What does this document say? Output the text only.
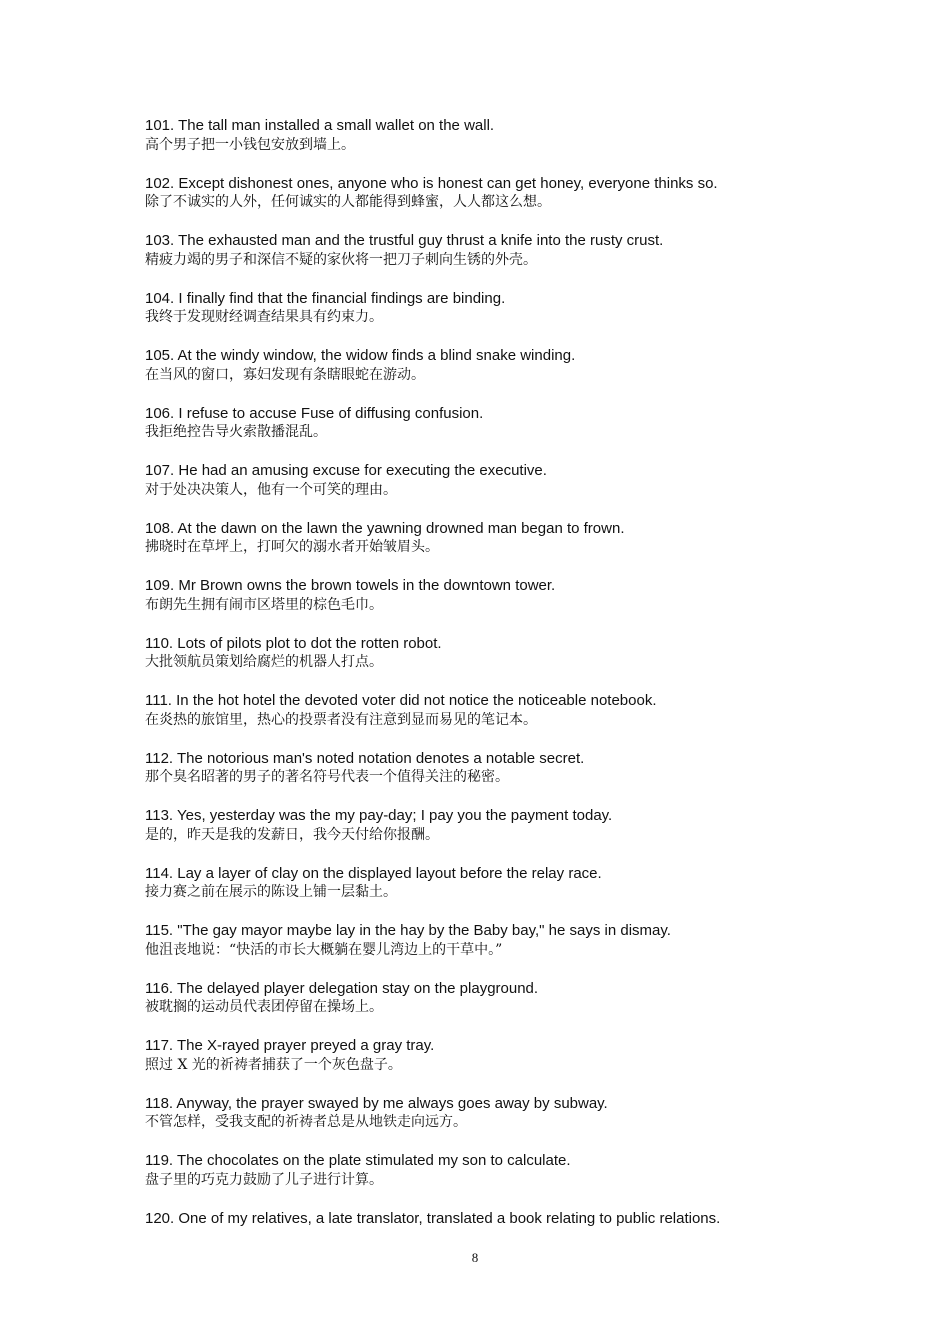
101. The tall man installed a small wallet on the wall.
高个男子把一小钱包安放到墙上。
102. Except dishonest ones, anyone who is honest can get honey, everyone thinks so.
除了不诚实的人外，任何诚实的人都能得到蜂蜜，人人都这么想。
103. The exhausted man and the trustful guy thrust a knife into the rusty crust.
精疲力竭的男子和深信不疑的家伙将一把刀子刺向生锈的外壳。
104. I finally find that the financial findings are binding.
我终于发现财经调查结果具有约束力。
105. At the windy window, the widow finds a blind snake winding.
在当风的窗口，寡妇发现有条瞎眼蛇在游动。
106. I refuse to accuse Fuse of diffusing confusion.
我拒绝控告导火索散播混乱。
107. He had an amusing excuse for executing the executive.
对于处决决策人，他有一个可笑的理由。
108. At the dawn on the lawn the yawning drowned man began to frown.
拂晓时在草坪上，打呵欠的溺水者开始皱眉头。
109. Mr Brown owns the brown towels in the downtown tower.
布朗先生拥有闹市区塔里的棕色毛巾。
110. Lots of pilots plot to dot the rotten robot.
大批领航员策划给腐烂的机器人打点。
111. In the hot hotel the devoted voter did not notice the noticeable notebook.
在炎热的旅馆里，热心的投票者没有注意到显而易见的笔记本。
112. The notorious man's noted notation denotes a notable secret.
那个臭名昭著的男子的著名符号代表一个值得关注的秘密。
113. Yes, yesterday was the my pay-day; I pay you the payment today.
是的，昨天是我的发薪日，我今天付给你报酬。
114. Lay a layer of clay on the displayed layout before the relay race.
接力赛之前在展示的陈设上铺一层黏土。
115. "The gay mayor maybe lay in the hay by the Baby bay," he says in dismay.
他沮丧地说：“快活的市长大概躺在婴儿湾边上的干草中。”
116. The delayed player delegation stay on the playground.
被耽搁的运动员代表团停留在操场上。
117. The X-rayed prayer preyed a gray tray.
照过 X 光的祈祷者捕获了一个灰色盘子。
118. Anyway, the prayer swayed by me always goes away by subway.
不管怎样，受我支配的祈祷者总是从地铁走向远方。
119. The chocolates on the plate stimulated my son to calculate.
盘子里的巧克力鼓励了儿子进行计算。
120. One of my relatives, a late translator, translated a book relating to public relations.
8
